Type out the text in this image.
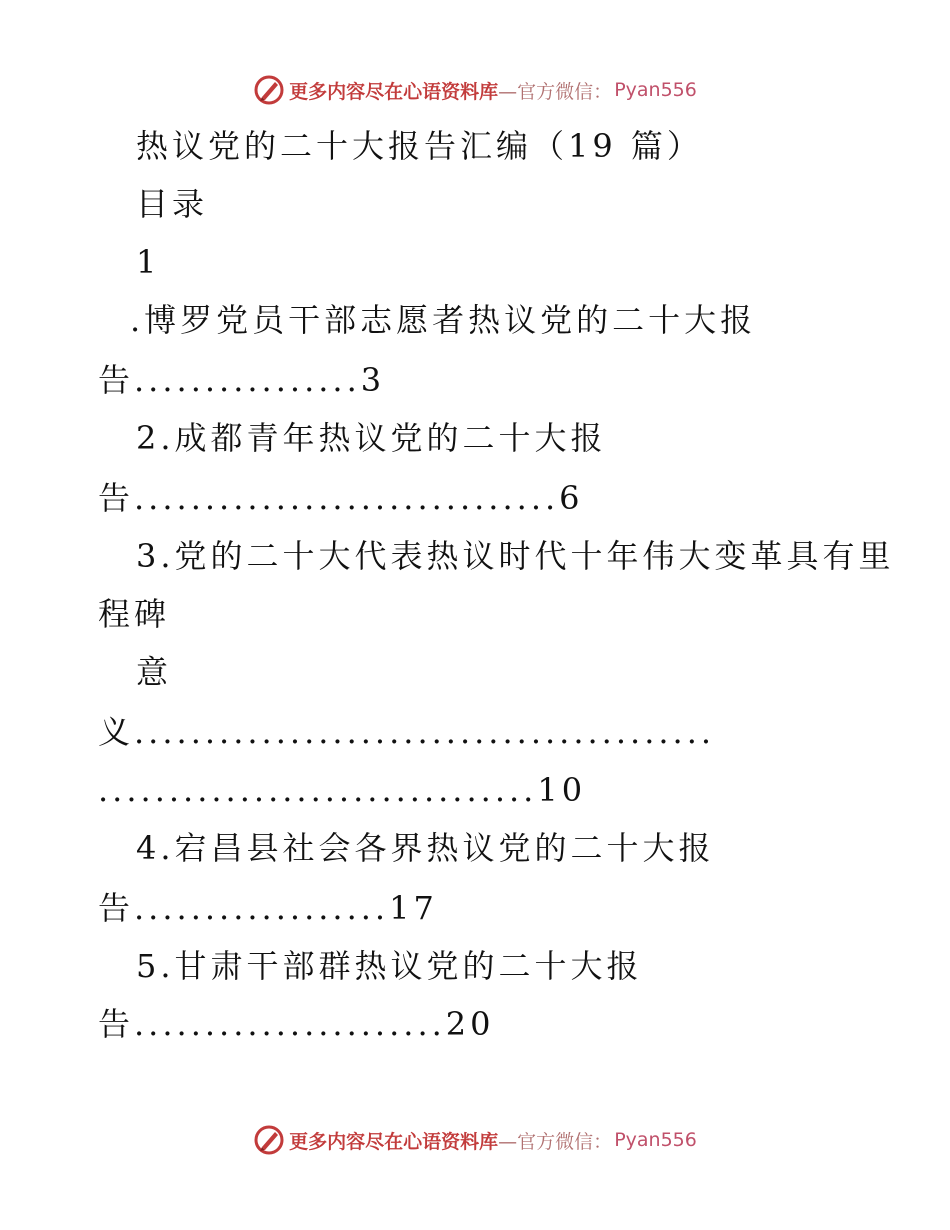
更多内容尽在心语资料库 —官方微信： Pyan556
热议党的二十大报告汇编（19 篇）
目录
1
.博罗党员干部志愿者热议党的二十大报
告................3
2.成都青年热议党的二十大报
告..............................6
3.党的二十大代表热议时代十年伟大变革具有里
程碑
意
义.........................................
...............................10
4.宕昌县社会各界热议党的二十大报
告..................17
5.甘肃干部群热议党的二十大报
告......................20
更多内容尽在心语资料库 —官方微信： Pyan556
